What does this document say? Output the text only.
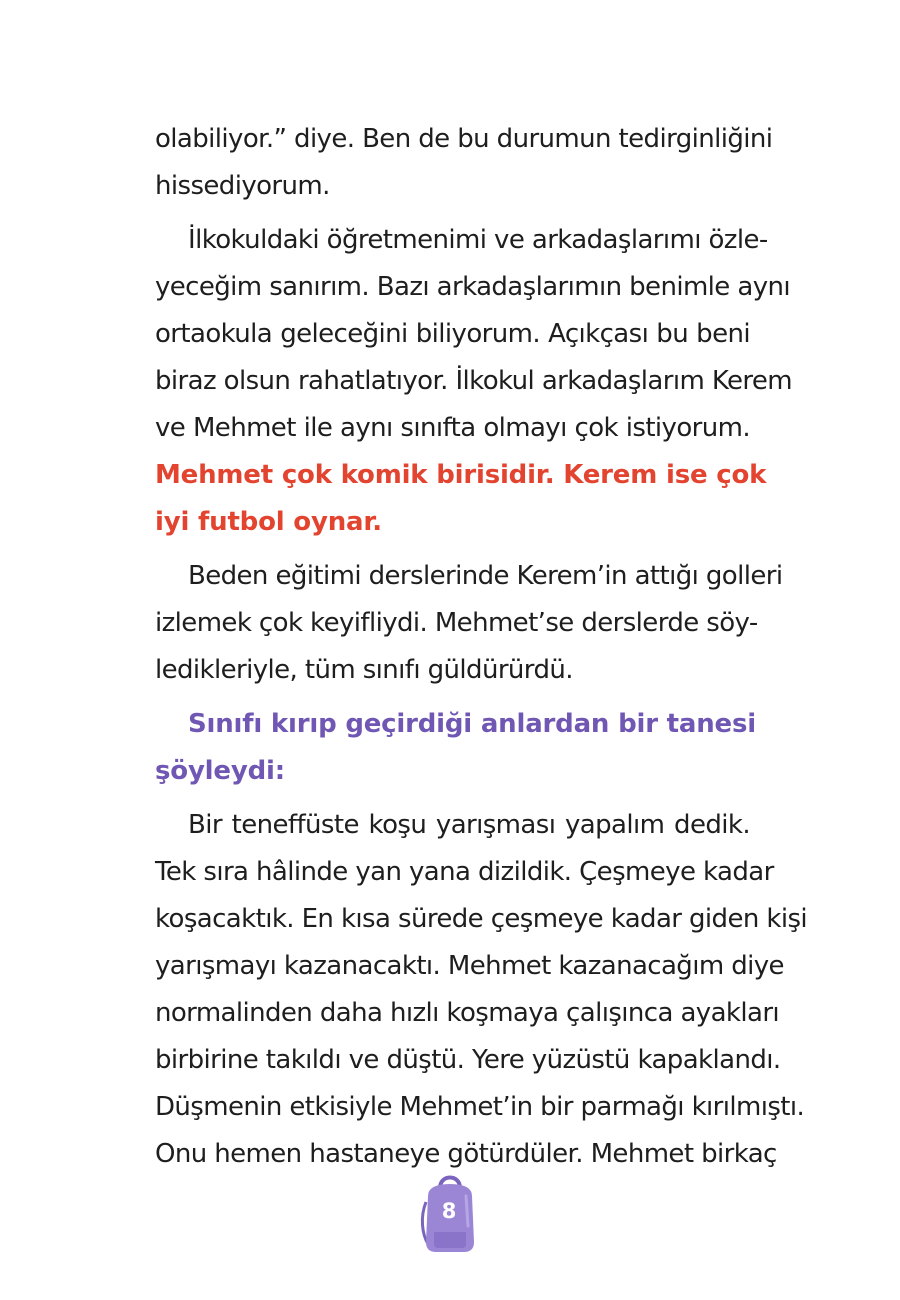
olabiliyor.” diye. Ben de bu durumun tedirginliğini
hissediyorum.
İlkokuldaki öğretmenimi ve arkadaşlarımı özle-
yeceğim sanırım. Bazı arkadaşlarımın benimle aynı
ortaokula geleceğini biliyorum. Açıkçası bu beni
biraz olsun rahatlatıyor. İlkokul arkadaşlarım Kerem
ve Mehmet ile aynı sınıfta olmayı çok istiyorum.
Mehmet çok komik birisidir. Kerem ise çok
iyi futbol oynar.
Beden eğitimi derslerinde Kerem’in attığı golleri
izlemek çok keyifliydi. Mehmet’se derslerde söy-
ledikleriyle, tüm sınıfı güldürürdü.
Sınıfı kırıp geçirdiği anlardan bir tanesi
şöyleydi:
Bir teneffüste koşu yarışması yapalım dedik.
Tek sıra hâlinde yan yana dizildik. Çeşmeye kadar
koşacaktık. En kısa sürede çeşmeye kadar giden kişi
yarışmayı kazanacaktı. Mehmet kazanacağım diye
normalinden daha hızlı koşmaya çalışınca ayakları
birbirine takıldı ve düştü. Yere yüzüstü kapaklandı.
Düşmenin etkisiyle Mehmet’in bir parmağı kırılmıştı.
Onu hemen hastaneye götürdüler. Mehmet birkaç
8
